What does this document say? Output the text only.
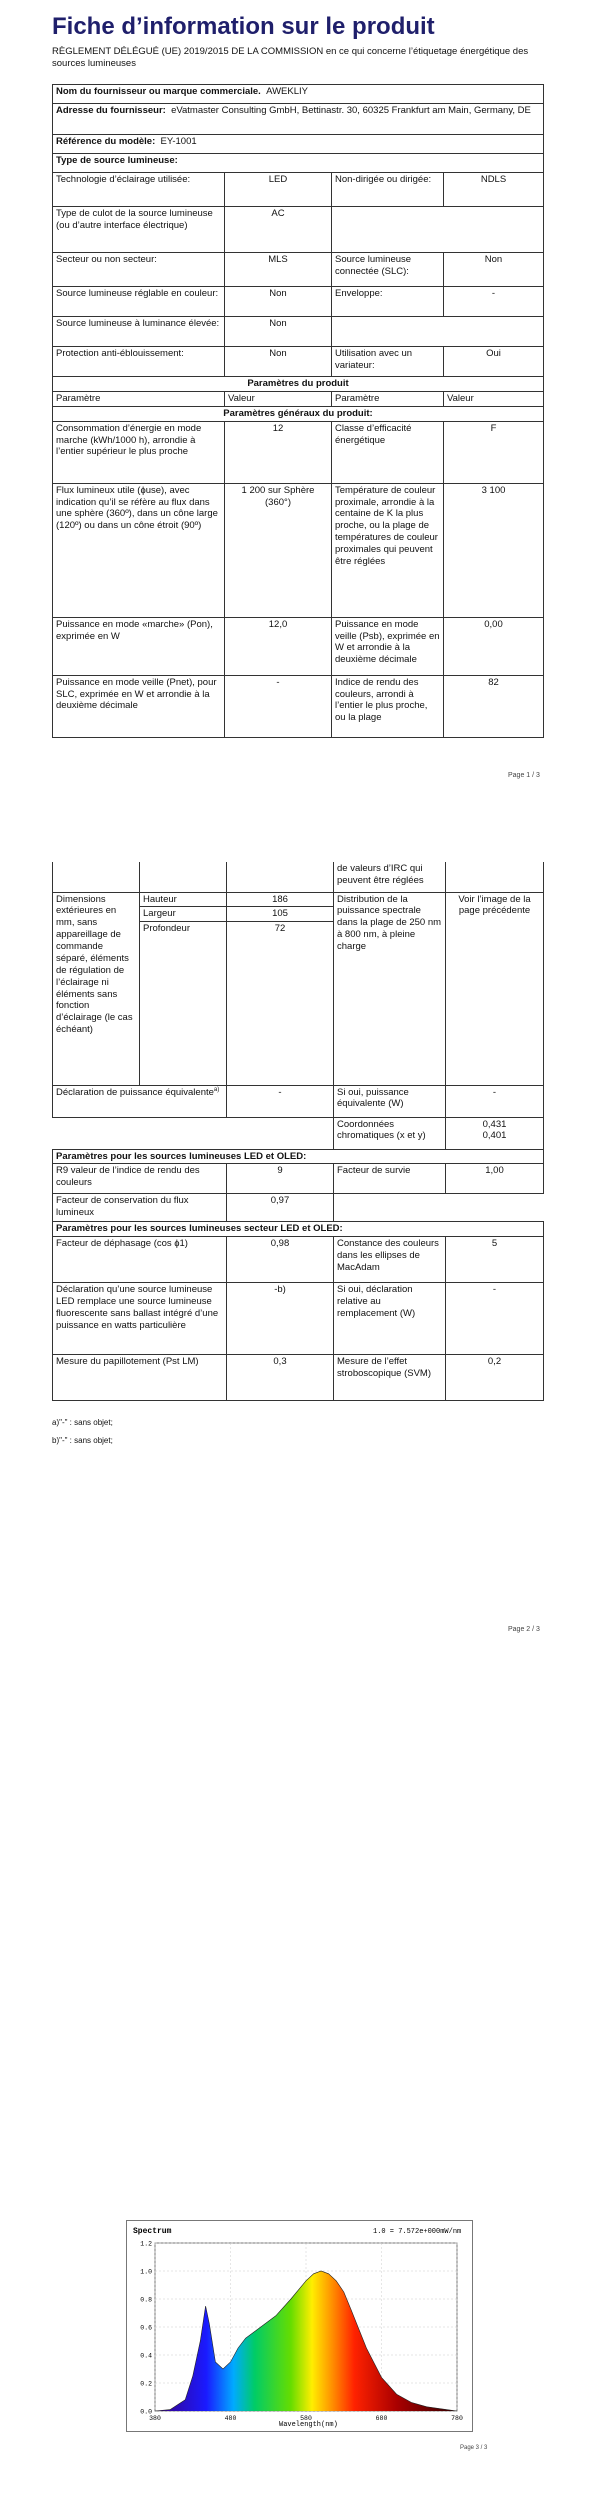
Fiche d’information sur le produit
RÈGLEMENT DÉLÉGUÉ (UE) 2019/2015 DE LA COMMISSION en ce qui concerne l’étiquetage énergétique des sources lumineuses
Nom du fournisseur ou marque commerciale. AWEKLIY			
Adresse du fournisseur: eVatmaster Consulting GmbH, Bettinastr. 30, 60325 Frankfurt am Main, Germany, DE			
Référence du modèle: EY-1001			
Type de source lumineuse:			
Technologie d’éclairage utilisée:	LED	Non-dirigée ou dirigée:	NDLS
Type de culot de la source lumineuse (ou d’autre interface électrique)	AC		
Secteur ou non secteur:	MLS	Source lumineuse connectée (SLC):	Non
Source lumineuse réglable en couleur:	Non	Enveloppe:	-
Source lumineuse à luminance élevée:	Non		
Protection anti-éblouissement:	Non	Utilisation avec un variateur:	Oui
Paramètres du produit			
Paramètre	Valeur	Paramètre	Valeur
Paramètres généraux du produit:			
Consommation d’énergie en mode marche (kWh/1000 h), arrondie à l’entier supérieur le plus proche	12	Classe d’efficacité énergétique	F
Flux lumineux utile (ɸuse), avec indication qu’il se réfère au flux dans une sphère (360º), dans un cône large (120º) ou dans un cône étroit (90º)	1 200 sur Sphère (360°)	Température de couleur proximale, arrondie à la centaine de K la plus proche, ou la plage de températures de couleur proximales qui peuvent être réglées	3 100
Puissance en mode «marche» (Pon), exprimée en W	12,0	Puissance en mode veille (Psb), exprimée en W et arrondie à la deuxième décimale	0,00
Puissance en mode veille (Pnet), pour SLC, exprimée en W et arrondie à la deuxième décimale	-	Indice de rendu des couleurs, arrondi à l’entier le plus proche, ou la plage	82
Page 1 / 3
			de valeurs d’IRC qui peuvent être réglées	
Dimensions extérieures en mm, sans appareillage de commande séparé, éléments de régulation de l’éclairage ni éléments sans fonction d’éclairage (le cas échéant)	Hauteur	186	Distribution de la puissance spectrale dans la plage de 250 nm à 800 nm, à pleine charge	Voir l’image de la page précédente
	Largeur	105		
	Profondeur	72		
Déclaration de puissance équivalente$^{a)}$		-	Si oui, puissance équivalente (W)	-
			Coordonnées chromatiques (x et y)	0,431
0,401

Paramètres pour les sources lumineuses LED et OLED:				
R9 valeur de l’indice de rendu des couleurs		9	Facteur de survie	1,00
Facteur de conservation du flux lumineux		0,97		
Paramètres pour les sources lumineuses secteur LED et OLED:				
Facteur de déphasage (cos ɸ1)		0,98	Constance des couleurs dans les ellipses de MacAdam	5
Déclaration qu’une source lumineuse LED remplace une source lumineuse fluorescente sans ballast intégré d’une puissance en watts particulière		-b)	Si oui, déclaration relative au remplacement (W)	-
Mesure du papillotement (Pst LM)		0,3	Mesure de l’effet stroboscopique (SVM)	0,2
a)"-" : sans objet;
b)"-" : sans objet;
Page 2 / 3
Spectrum	1.0 = 7.572e+000mW/nm
0.0
0.2
0.4
0.6
0.8
1.0
1.2
380	480	580	680	780
Wavelength(nm)
Page 3 / 3
